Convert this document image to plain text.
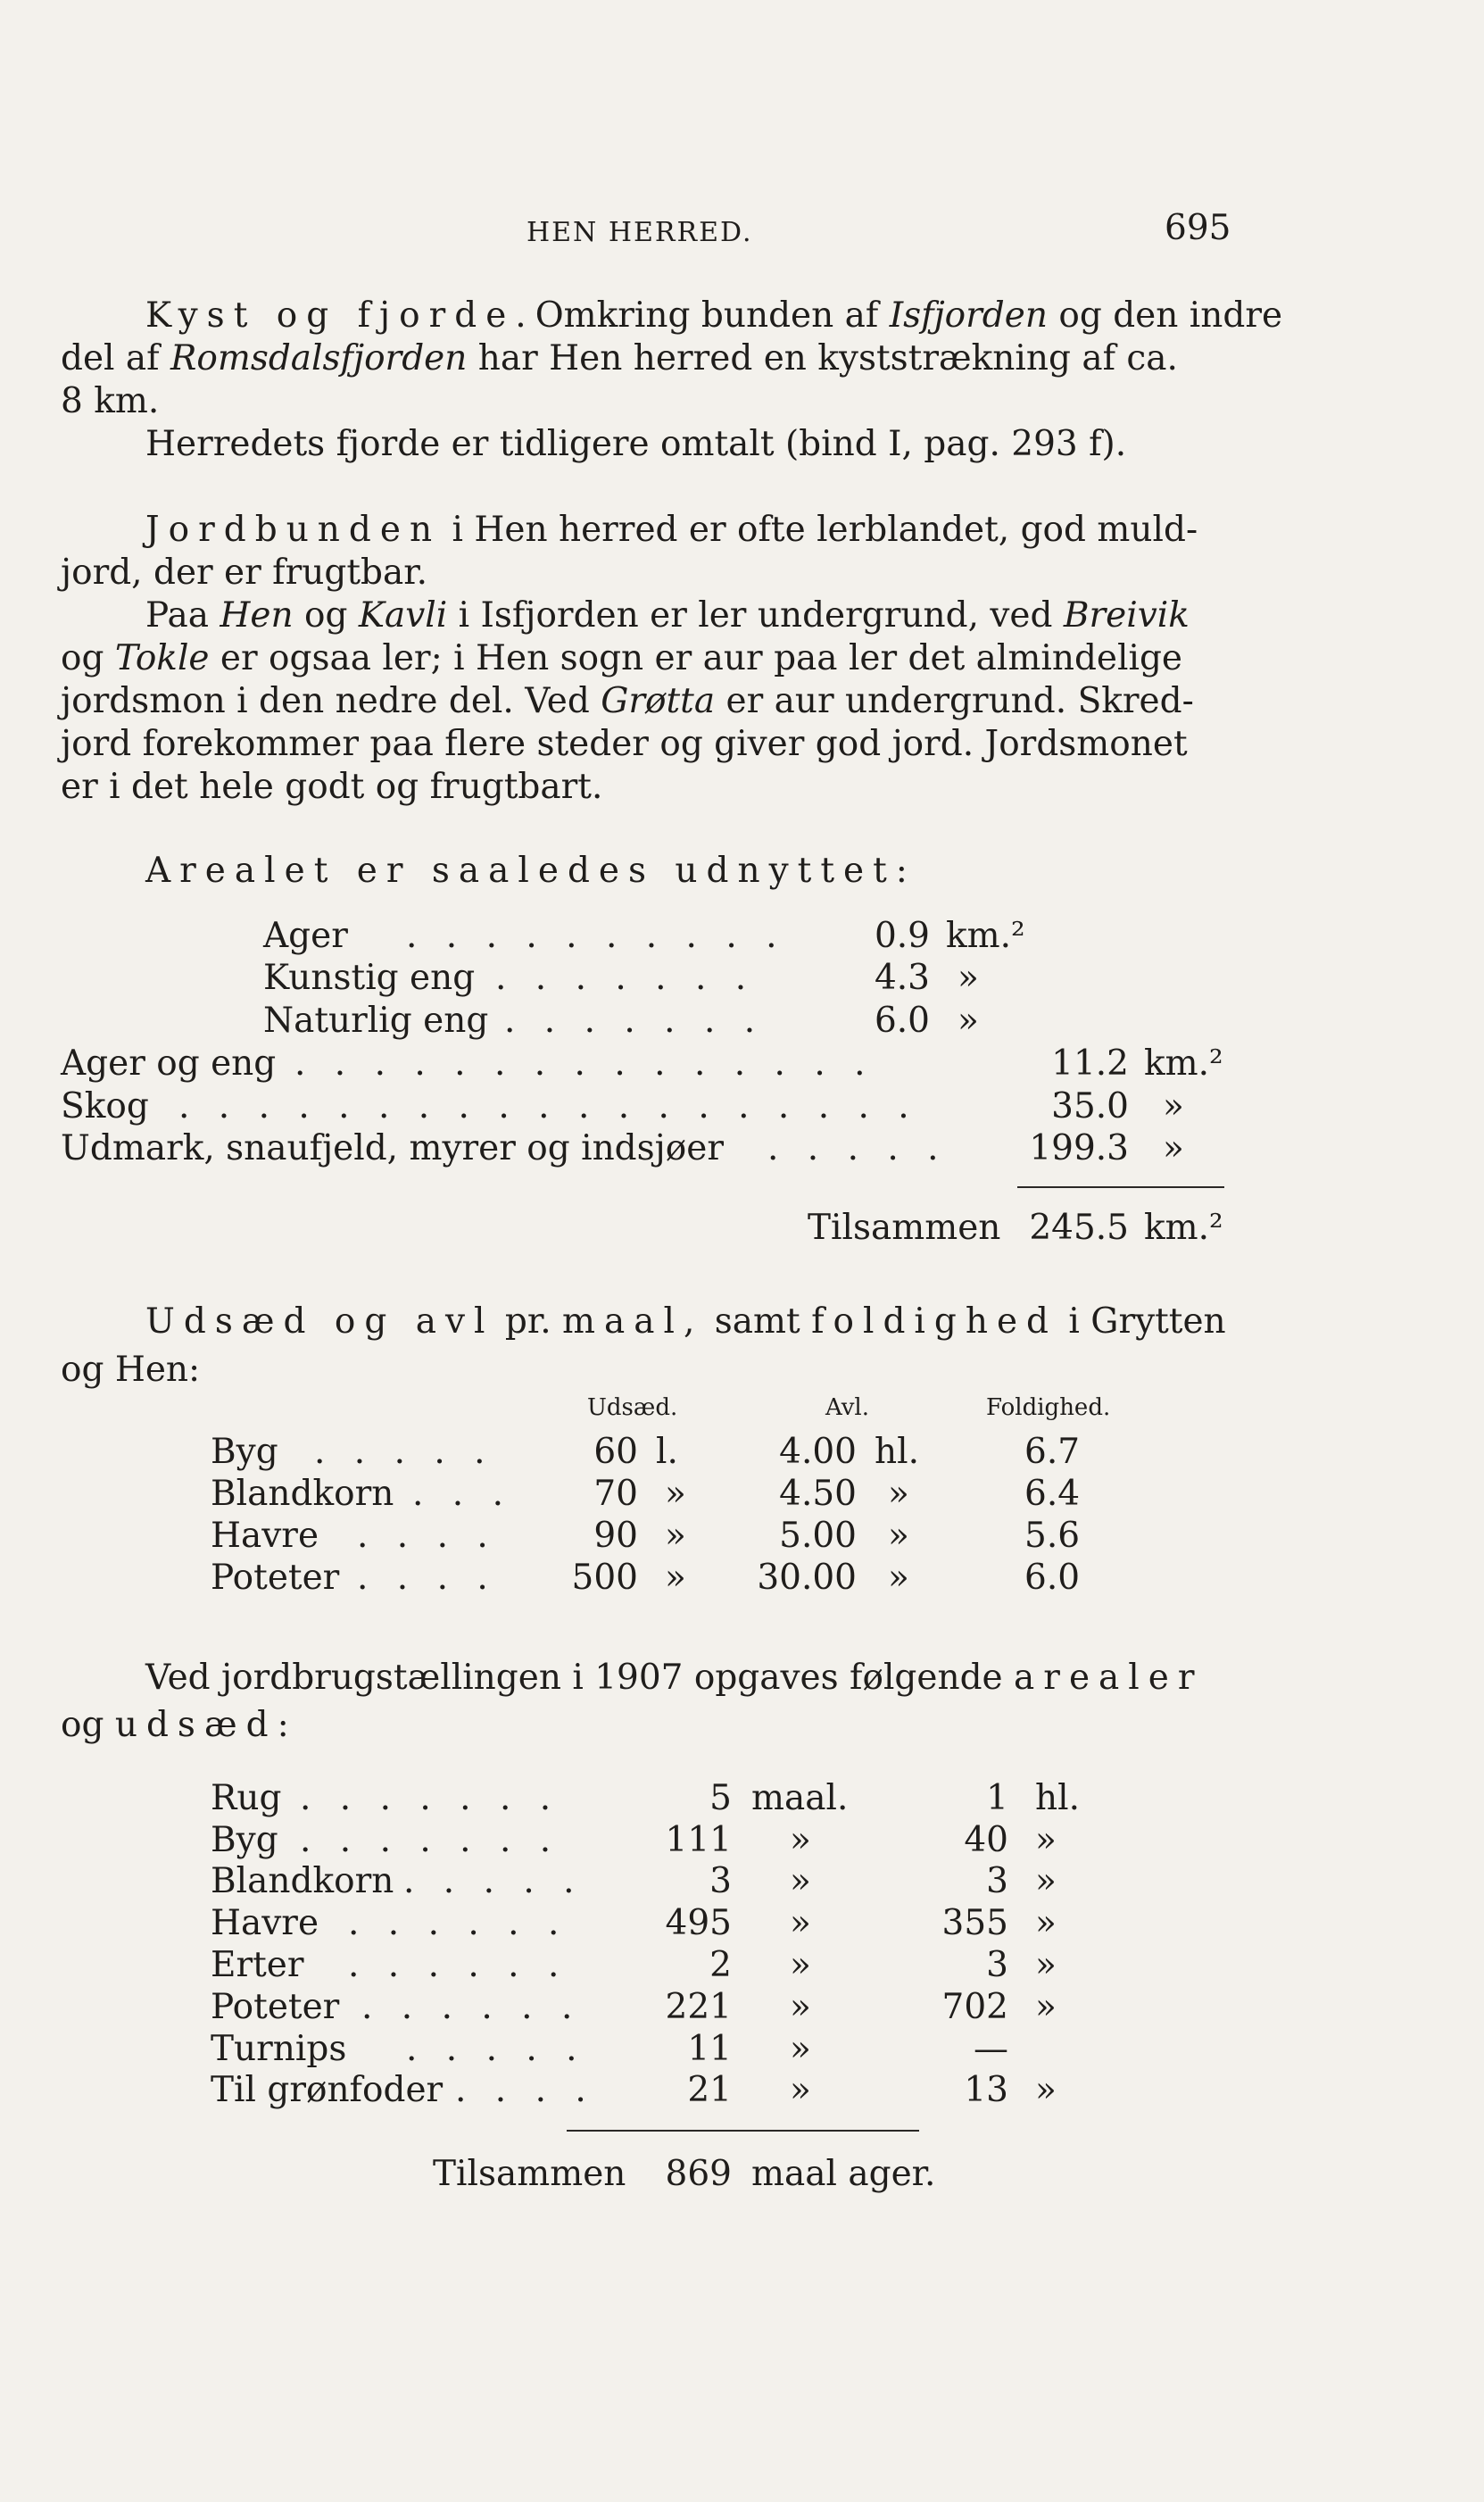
HEN HERRED.	695
Kyst og fjorde.Omkring bunden af Isfjorden og den indre
del af Romsdalsfjorden har Hen herred en kyststrækning af ca.
8 km.
Herredets fjorde er tidligere omtalt (bind I, pag. 293 f).
Jordbunden i Hen herred er ofte lerblandet, god muld-
jord, der er frugtbar.
Paa Hen og Kavli i Isfjorden er ler undergrund, ved Breivik
og Tokle er ogsaa ler; i Hen sogn er aur paa ler det almindelige
jordsmon i den nedre del. Ved Grøtta er aur undergrund. Skred-
jord forekommer paa flere steder og giver god jord. Jordsmonet
er i det hele godt og frugtbart.
Arealet er saaledes udnyttet:
Ager . . . . . . . . . .	0.9 km.²
Kunstig eng . . . . . . .	4.3 »
Naturlig eng . . . . . . .	6.0 »
Ager og eng . . . . . . . . . . . . . . .	11.2 km.²
Skog . . . . . . . . . . . . . . . . . . .	35.0 »
Udmark, snaufjeld, myrer og indsjøer . . . . . 199.3 »
Tilsammen 245.5 km.²
Udsæd og avl pr. maal, samt foldighed i Grytten
og Hen:
Udsæd.	Avl.	Foldighed.
Byg . . . . .	60 l.	4.00 hl.	6.7
Blandkorn . . .	70 »	4.50 »	6.4
Havre . . . .	90 »	5.00 »	5.6
Poteter . . . .	500 » 30.00 »	6.0
Ved jordbrugstællingen i 1907 opgaves følgende arealer
og udsæd:
Rug . . . . . . .	5 maal.	1 hl.
Byg . . . . . . .	111 »	40 »
Blandkorn . . . . .	3 »	3 »
Havre . . . . . .	495 »	355 »
Erter . . . . . .	2 »	3 »
Poteter . . . . . .	221 »	702 »
Turnips . . . . .	11 »	—
Til grønfoder . . . .	21 »	13 »
Tilsammen	869 maal ager.
